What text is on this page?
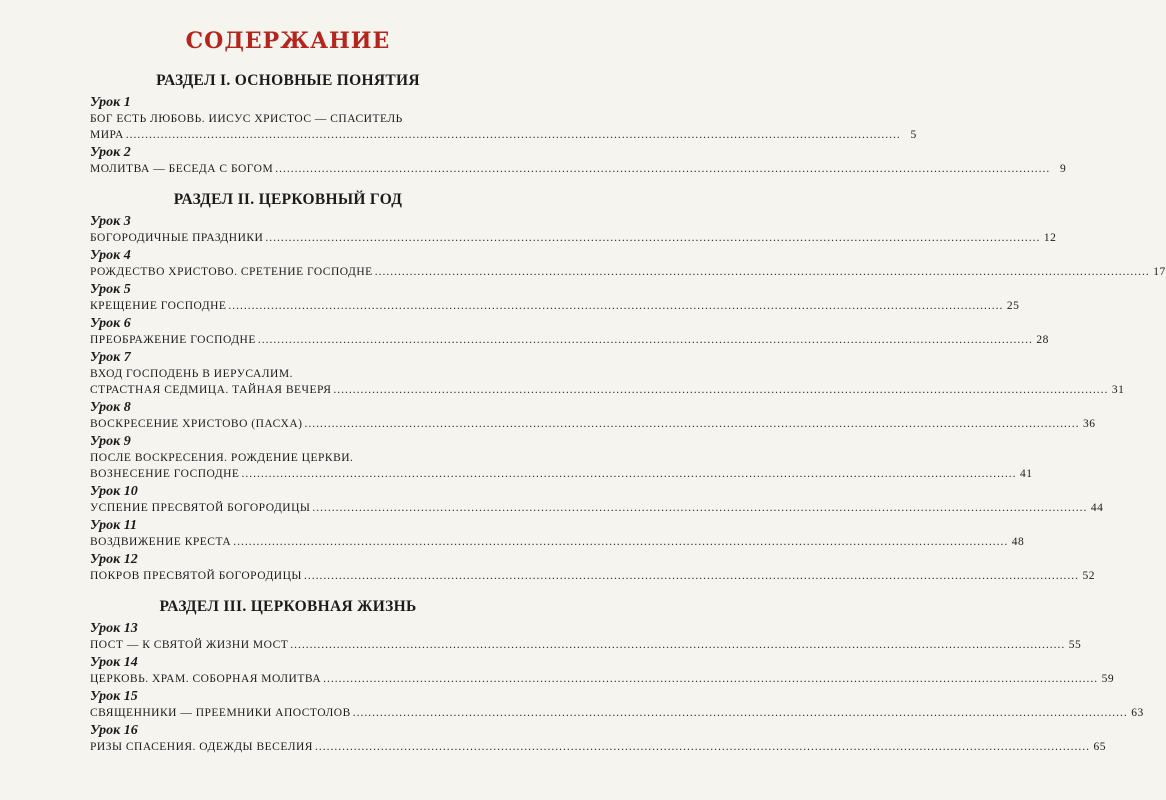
СОДЕРЖАНИЕ
РАЗДЕЛ I. ОСНОВНЫЕ ПОНЯТИЯ
Урок 1
БОГ ЕСТЬ ЛЮБОВЬ. ИИСУС ХРИСТОС — СПАСИТЕЛЬ
МИРА ........................................................................................................................................................................................................ 5
Урок 2
МОЛИТВА — БЕСЕДА С БОГОМ ........................................................................................................................................................................................................ 9
РАЗДЕЛ II. ЦЕРКОВНЫЙ ГОД
Урок 3
БОГОРОДИЧНЫЕ ПРАЗДНИКИ ........................................................................................................................................................................................................ 12
Урок 4
РОЖДЕСТВО ХРИСТОВО. СРЕТЕНИЕ ГОСПОДНЕ ........................................................................................................................................................................................................ 17
Урок 5
КРЕЩЕНИЕ ГОСПОДНЕ ........................................................................................................................................................................................................ 25
Урок 6
ПРЕОБРАЖЕНИЕ ГОСПОДНЕ ........................................................................................................................................................................................................ 28
Урок 7
ВХОД ГОСПОДЕНЬ В ИЕРУСАЛИМ.
СТРАСТНАЯ СЕДМИЦА. ТАЙНАЯ ВЕЧЕРЯ ........................................................................................................................................................................................................ 31
Урок 8
ВОСКРЕСЕНИЕ ХРИСТОВО (ПАСХА) ........................................................................................................................................................................................................ 36
Урок 9
ПОСЛЕ ВОСКРЕСЕНИЯ. РОЖДЕНИЕ ЦЕРКВИ.
ВОЗНЕСЕНИЕ ГОСПОДНЕ ........................................................................................................................................................................................................ 41
Урок 10
УСПЕНИЕ ПРЕСВЯТОЙ БОГОРОДИЦЫ ........................................................................................................................................................................................................ 44
Урок 11
ВОЗДВИЖЕНИЕ КРЕСТА ........................................................................................................................................................................................................ 48
Урок 12
ПОКРОВ ПРЕСВЯТОЙ БОГОРОДИЦЫ ........................................................................................................................................................................................................ 52
РАЗДЕЛ III. ЦЕРКОВНАЯ ЖИЗНЬ
Урок 13
ПОСТ — К СВЯТОЙ ЖИЗНИ МОСТ ........................................................................................................................................................................................................ 55
Урок 14
ЦЕРКОВЬ. ХРАМ. СОБОРНАЯ МОЛИТВА ........................................................................................................................................................................................................ 59
Урок 15
СВЯЩЕННИКИ — ПРЕЕМНИКИ АПОСТОЛОВ ........................................................................................................................................................................................................ 63
Урок 16
РИЗЫ СПАСЕНИЯ. ОДЕЖДЫ ВЕСЕЛИЯ ........................................................................................................................................................................................................ 65
